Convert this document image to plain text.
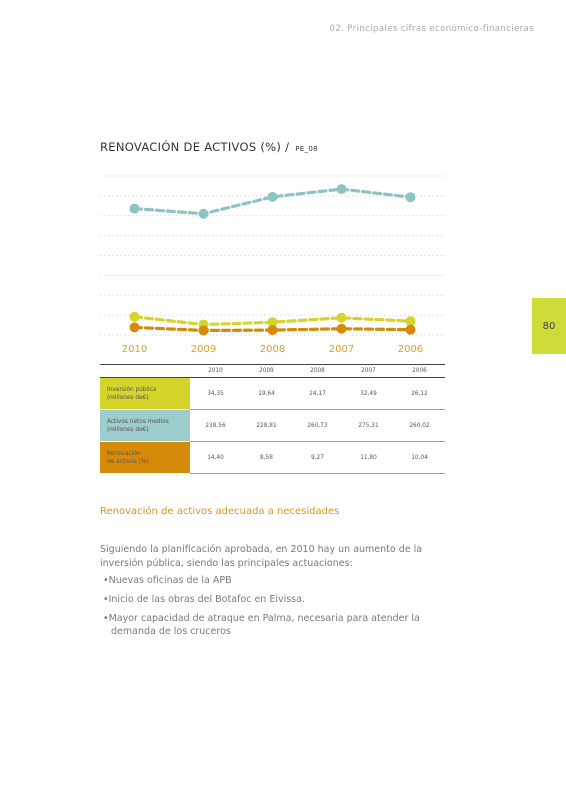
02. Principales cifras económico-financieras
80
RENOVACIÓN DE ACTIVOS (%) / PE_08
2010	2009	2008	2007	2006
	2010	2009	2008	2007	2006
Inversión pública
(millones de€)	34,35	19,64	24,17	32,49	26,12
Activos netos medios
(millones de€)	238,56	228,81	260,73	275,31	260,02
Renovación
de activos (%)	14,40	8,58	9,27	11,80	10,04
Renovación de activos adecuada a necesidades

Siguiendo la planificación aprobada, en 2010 hay un aumento de la inversión pública, siendo las principales actuaciones:

• Nuevas oficinas de la APB
• Inicio de las obras del Botafoc en Eivissa.
• Mayor capacidad de atraque en Palma, necesaria para atender la demanda de los cruceros
